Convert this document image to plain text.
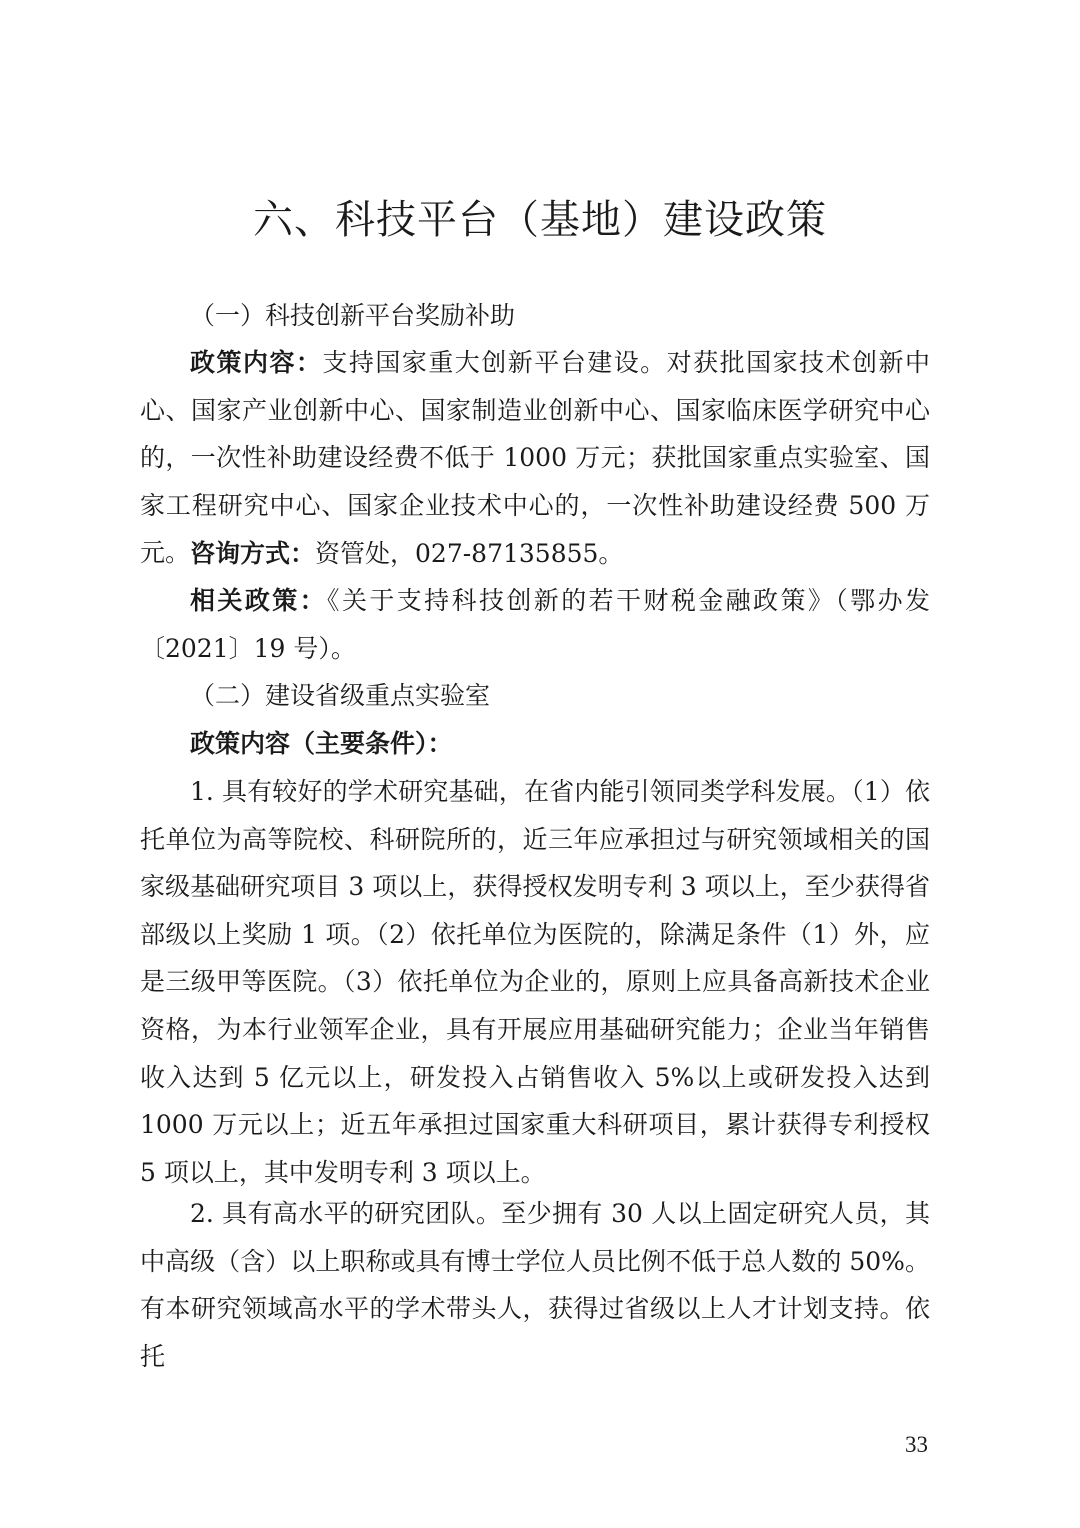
六、科技平台（基地）建设政策
（一）科技创新平台奖励补助
政策内容：支持国家重大创新平台建设。对获批国家技术创新中心、国家产业创新中心、国家制造业创新中心、国家临床医学研究中心的，一次性补助建设经费不低于 1000 万元；获批国家重点实验室、国家工程研究中心、国家企业技术中心的，一次性补助建设经费 500 万元。 咨询方式：资管处，027-87135855。
相关政策：《关于支持科技创新的若干财税金融政策》（鄂办发〔2021〕19 号）。
（二）建设省级重点实验室
政策内容（主要条件）：
1. 具有较好的学术研究基础，在省内能引领同类学科发展。（1）依托单位为高等院校、科研院所的，近三年应承担过与研究领域相关的国家级基础研究项目 3 项以上，获得授权发明专利 3 项以上，至少获得省部级以上奖励 1 项。（2）依托单位为医院的，除满足条件（1）外，应是三级甲等医院。（3）依托单位为企业的，原则上应具备高新技术企业资格，为本行业领军企业，具有开展应用基础研究能力；企业当年销售收入达到 5 亿元以上，研发投入占销售收入 5%以上或研发投入达到 1000 万元以上；近五年承担过国家重大科研项目，累计获得专利授权 5 项以上，其中发明专利 3 项以上。
2. 具有高水平的研究团队。至少拥有 30 人以上固定研究人员，其中高级（含）以上职称或具有博士学位人员比例不低于总人数的 50%。有本研究领域高水平的学术带头人，获得过省级以上人才计划支持。依托
33
